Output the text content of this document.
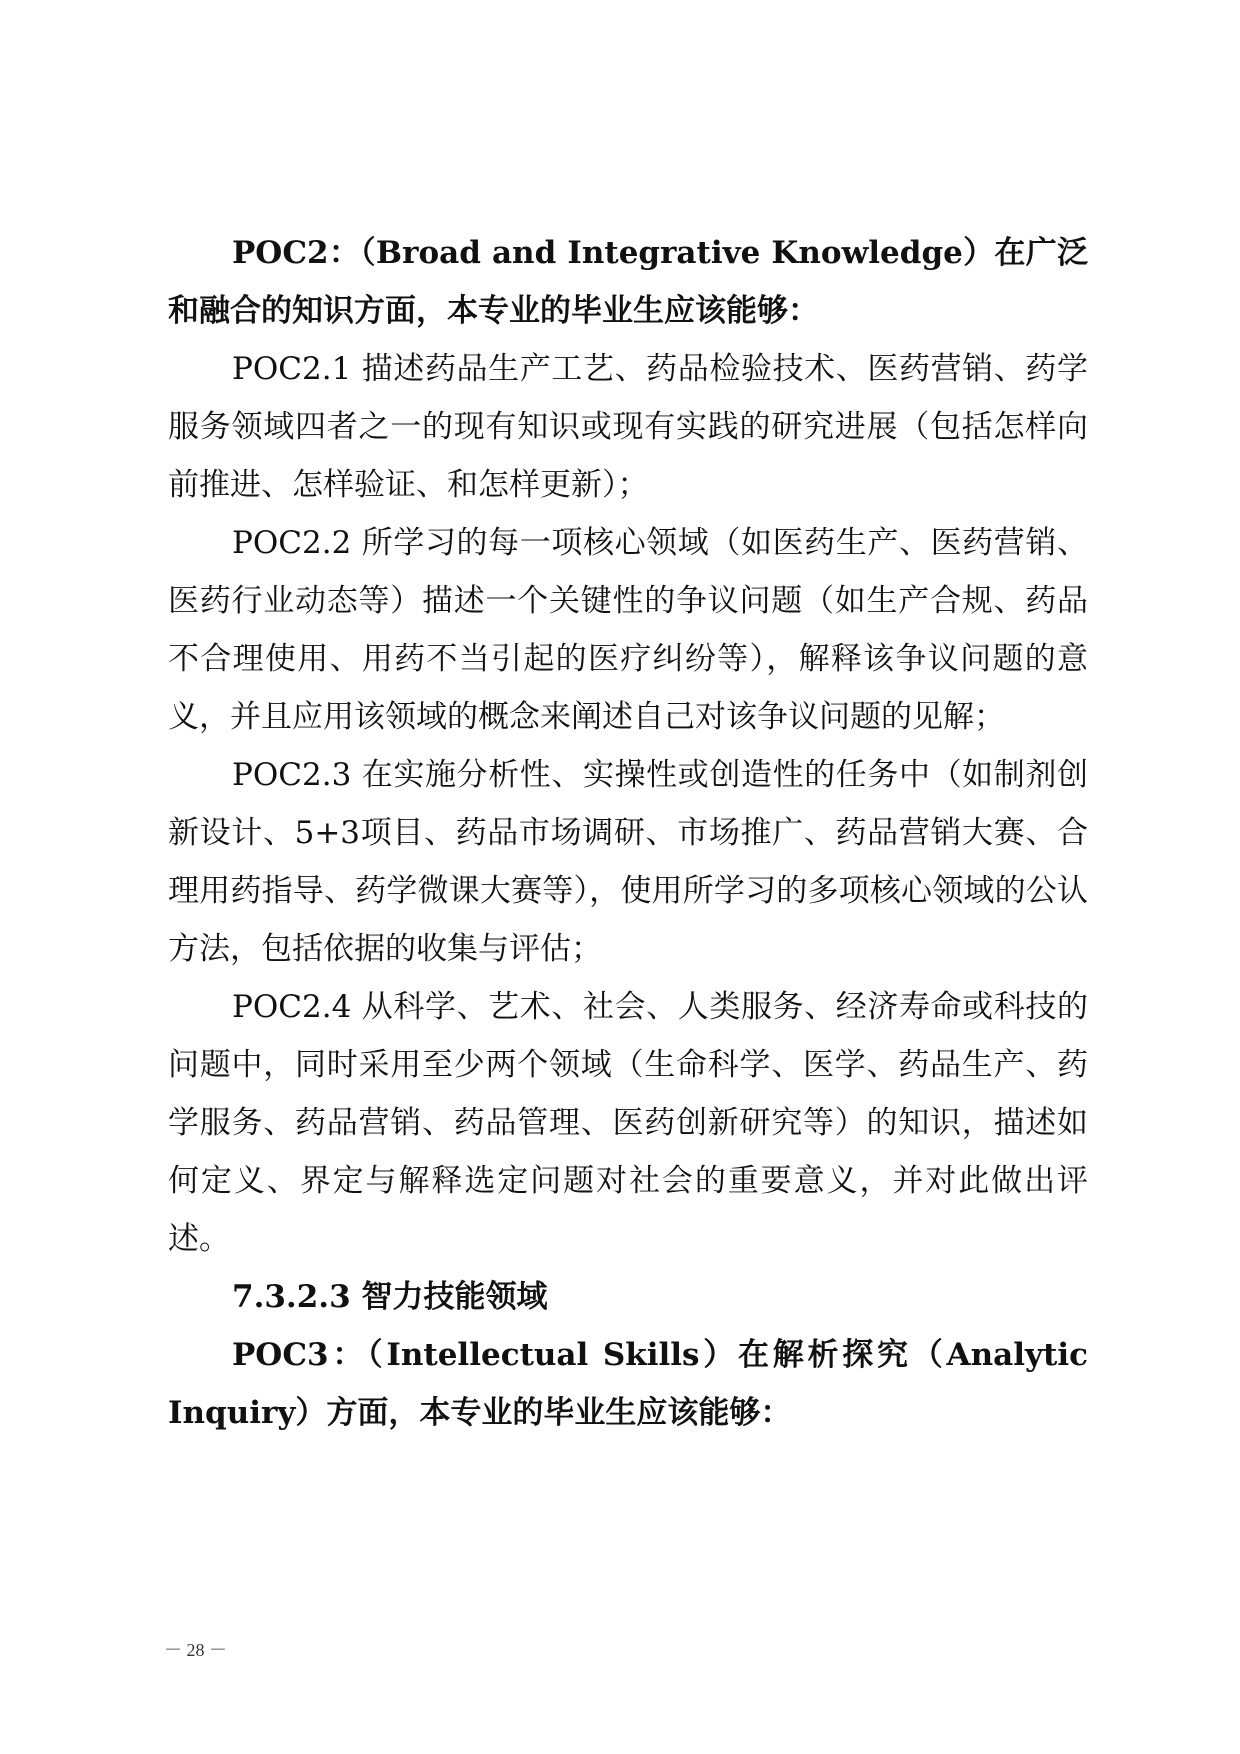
POC2：（Broad and Integrative Knowledge）在广泛和融合的知识方面，本专业的毕业生应该能够：

POC2.1 描述药品生产工艺、药品检验技术、医药营销、药学服务领域四者之一的现有知识或现有实践的研究进展（包括怎样向前推进、怎样验证、和怎样更新）；

POC2.2 所学习的每一项核心领域（如医药生产、医药营销、医药行业动态等）描述一个关键性的争议问题（如生产合规、药品不合理使用、用药不当引起的医疗纠纷等），解释该争议问题的意义，并且应用该领域的概念来阐述自己对该争议问题的见解；

POC2.3 在实施分析性、实操性或创造性的任务中（如制剂创新设计、5+3项目、药品市场调研、市场推广、药品营销大赛、合理用药指导、药学微课大赛等），使用所学习的多项核心领域的公认方法，包括依据的收集与评估；

POC2.4 从科学、艺术、社会、人类服务、经济寿命或科技的问题中，同时采用至少两个领域（生命科学、医学、药品生产、药学服务、药品营销、药品管理、医药创新研究等）的知识，描述如何定义、界定与解释选定问题对社会的重要意义，并对此做出评述。

7.3.2.3 智力技能领域

POC3：（Intellectual Skills）在解析探究（Analytic Inquiry）方面，本专业的毕业生应该能够：

－ 28 －
